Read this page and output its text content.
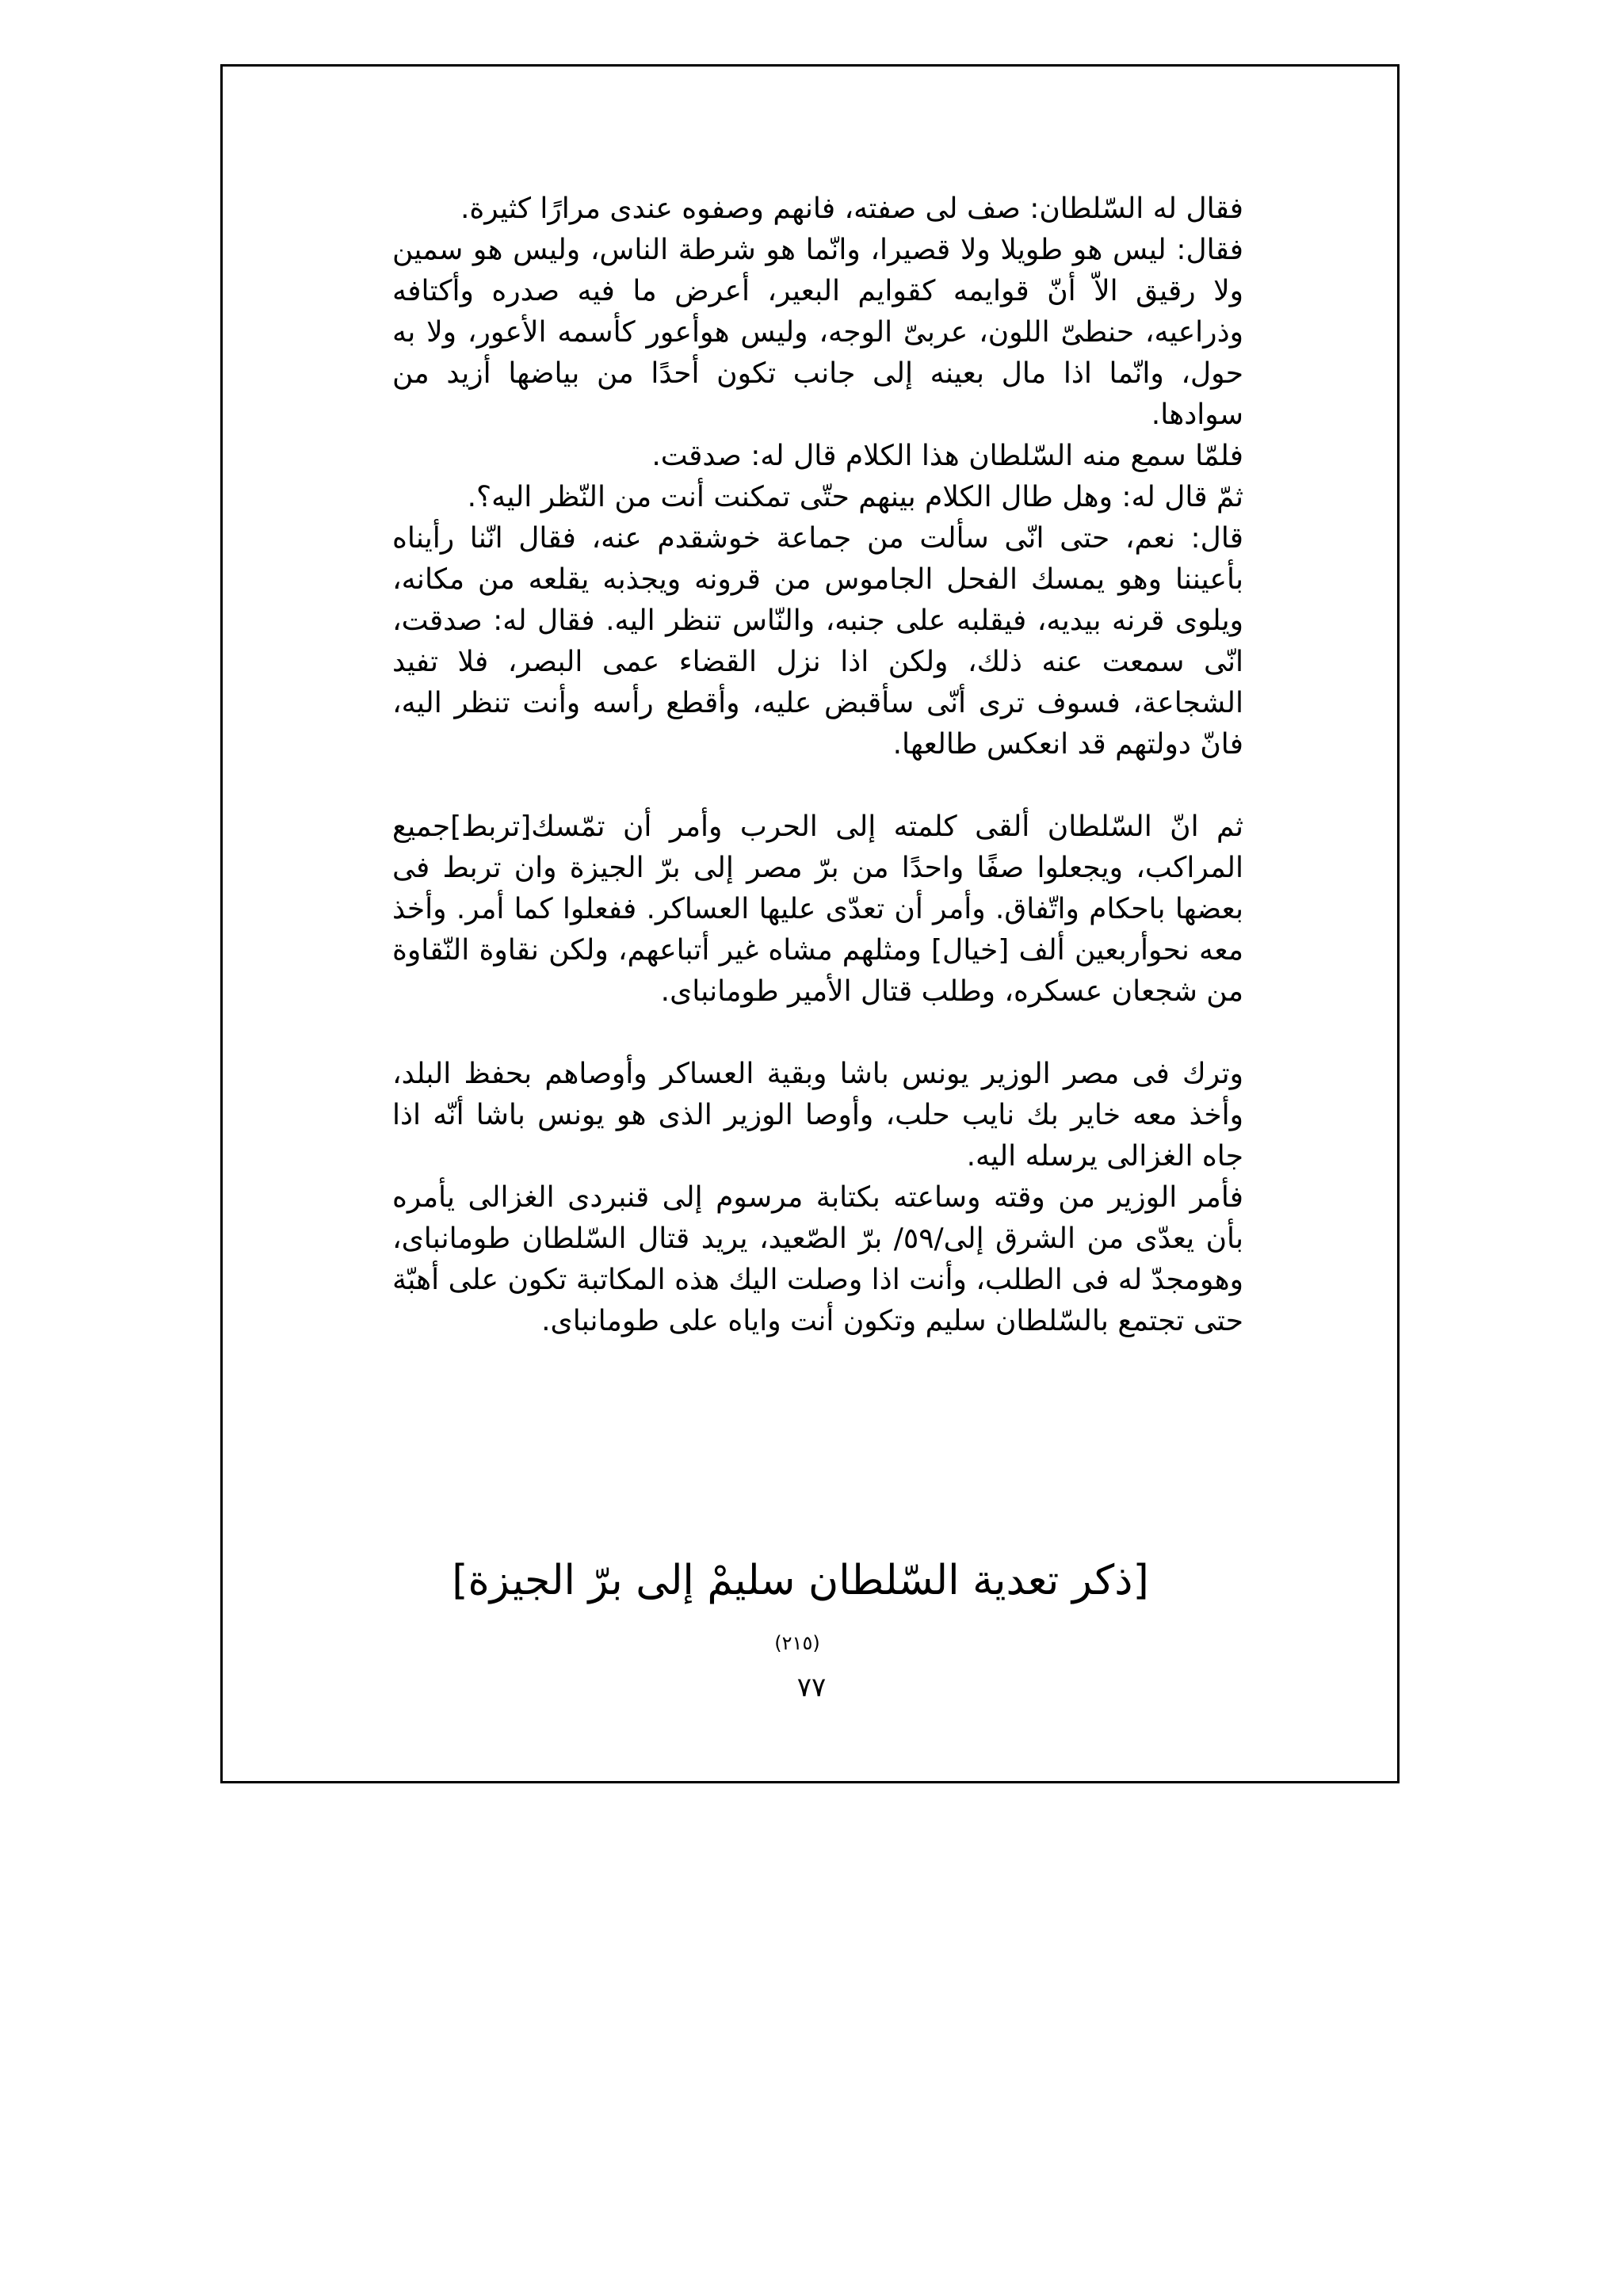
فقال له السّلطان: صف لى صفته، فانهم وصفوه عندى مرارًا كثيرة.

فقال: ليس هو طويلا ولا قصيرا، وانّما هو شرطة الناس، وليس هو سمين ولا رقيق الاّ أنّ قوايمه كقوايم البعير، أعرض ما فيه صدره وأكتافه وذراعيه، حنطىّ اللون، عربىّ الوجه، وليس هوأعور كأسمه الأعور، ولا به حول، وانّما اذا مال بعينه إلى جانب تكون أحدًا من بياضها أزيد من سوادها.

فلمّا سمع منه السّلطان هذا الكلام قال له: صدقت.

ثمّ قال له: وهل طال الكلام بينهم حتّى تمكنت أنت من النّظر اليه؟.

قال: نعم، حتى انّى سألت من جماعة خوشقدم عنه، فقال انّنا رأيناه بأعيننا وهو يمسك الفحل الجاموس من قرونه ويجذبه يقلعه من مكانه، ويلوى قرنه بيديه، فيقلبه على جنبه، والنّاس تنظر اليه. فقال له: صدقت، انّى سمعت عنه ذلك، ولكن اذا نزل القضاء عمى البصر، فلا تفيد الشجاعة، فسوف ترى أنّى سأقبض عليه، وأقطع رأسه وأنت تنظر اليه، فانّ دولتهم قد انعكس طالعها.

ثم انّ السّلطان ألقى كلمته إلى الحرب وأمر أن تمّسك[تربط]جميع المراكب، ويجعلوا صفًا واحدًا من برّ مصر إلى برّ الجيزة وان تربط فى بعضها باحكام واتّفاق. وأمر أن تعدّى عليها العساكر. ففعلوا كما أمر. وأخذ معه نحوأربعين ألف [خيال] ومثلهم مشاه غير أتباعهم، ولكن نقاوة النّقاوة من شجعان عسكره، وطلب قتال الأمير طومانباى.

وترك فى مصر الوزير يونس باشا وبقية العساكر وأوصاهم بحفظ البلد، وأخذ معه خاير بك نايب حلب، وأوصا الوزير الذى هو يونس باشا أنّه اذا جاه الغزالى يرسله اليه.

فأمر الوزير من وقته وساعته بكتابة مرسوم إلى قنبردى الغزالى يأمره بأن يعدّى من الشرق إلى/٥٩/ برّ الصّعيد، يريد قتال السّلطان طومانباى، وهومجدّ له فى الطلب، وأنت اذا وصلت اليك هذه المكاتبة تكون على أهبّة حتى تجتمع بالسّلطان سليم وتكون أنت واياه على طومانباى.

[ذكر تعدية السّلطان سليمْ إلى برّ الجيزة] (٢١٥)
٧٧
